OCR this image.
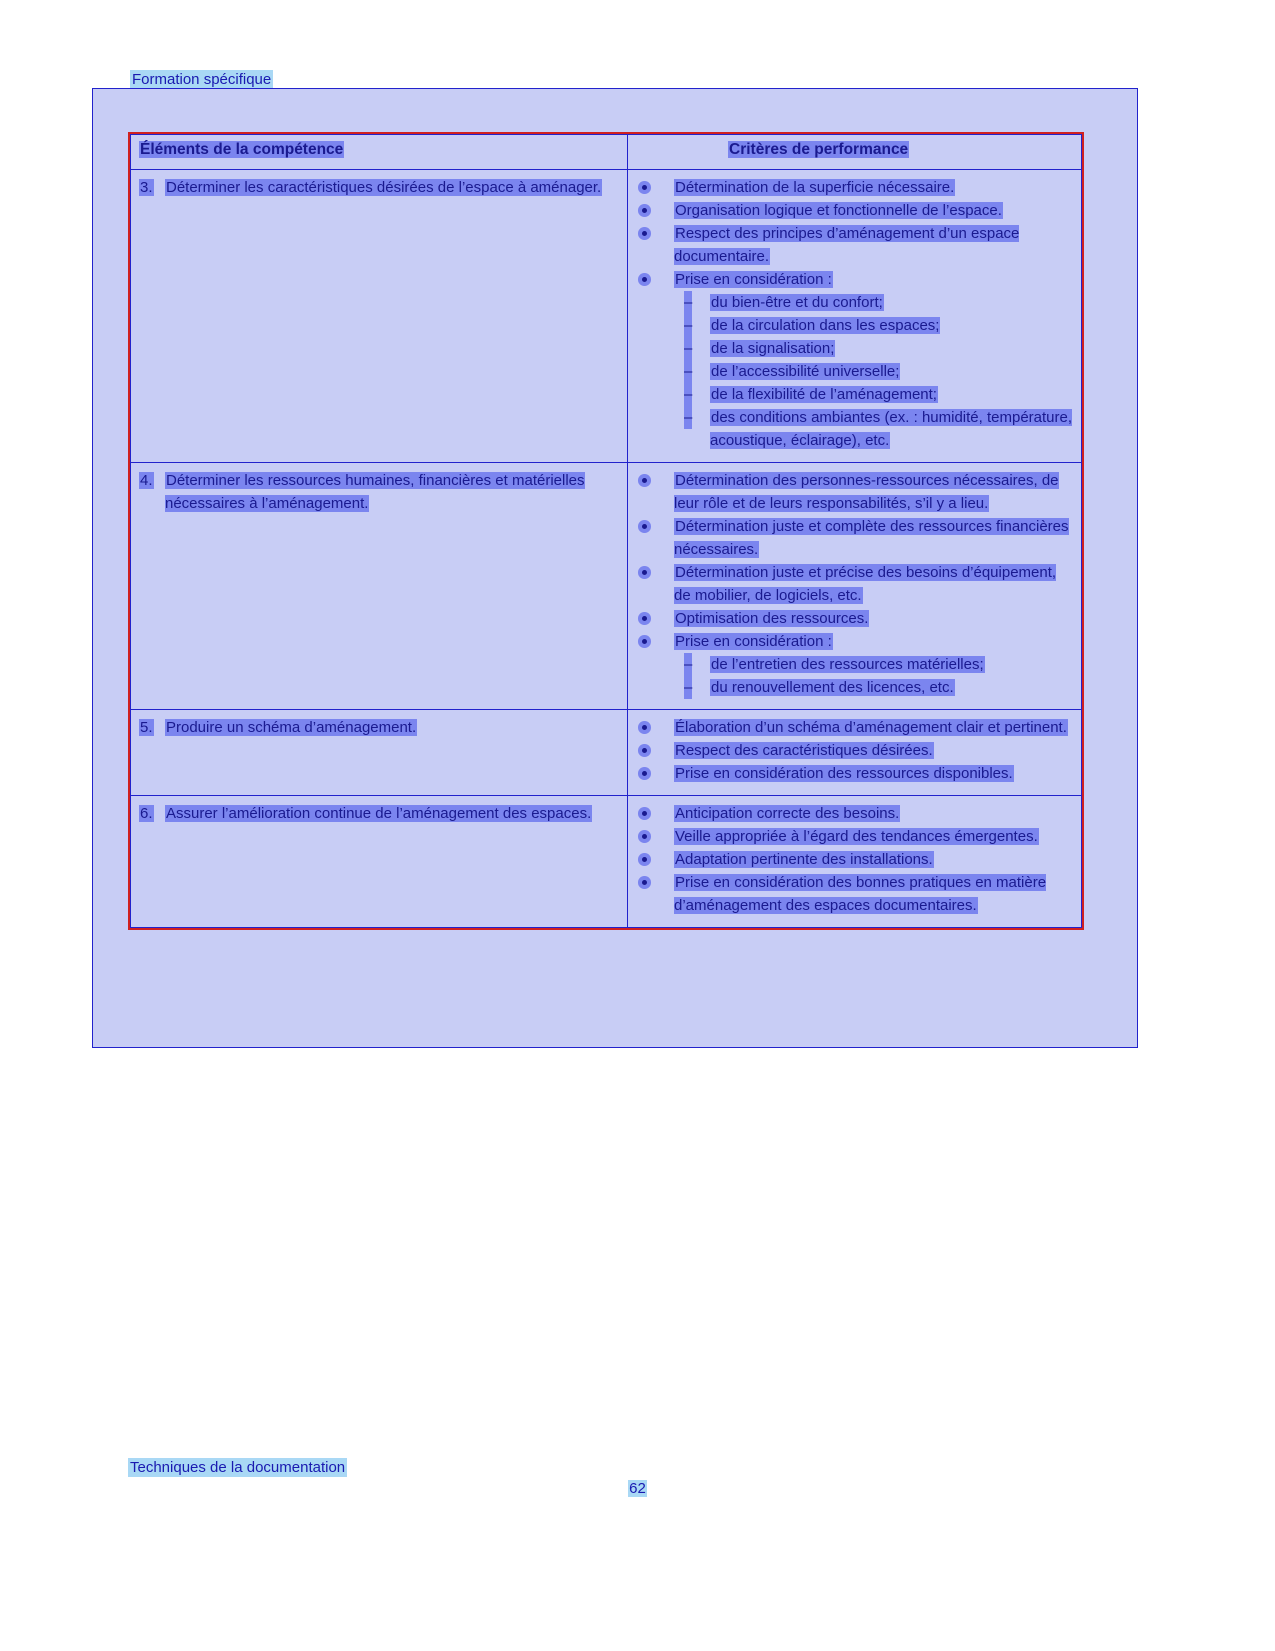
Formation spécifique
Éléments de la compétence	Critères de performance

3. Déterminer les caractéristiques désirées de l’espace à aménager.	Détermination de la superficie nécessaire.
Organisation logique et fonctionnelle de l’espace.
Respect des principes d’aménagement d’un espace documentaire.
Prise en considération :
– du bien-être et du confort;
– de la circulation dans les espaces;
– de la signalisation;
– de l’accessibilité universelle;
– de la flexibilité de l’aménagement;
– des conditions ambiantes (ex. : humidité, température, acoustique, éclairage), etc.

4. Déterminer les ressources humaines, financières et matérielles nécessaires à l’aménagement.

Détermination des personnes-ressources nécessaires, de leur rôle et de leurs responsabilités, s’il y a lieu.
Détermination juste et complète des ressources financières nécessaires.
Détermination juste et précise des besoins d’équipement, de mobilier, de logiciels, etc.
Optimisation des ressources.
Prise en considération :
– de l’entretien des ressources matérielles;
– du renouvellement des licences, etc.

5. Produire un schéma d’aménagement.	Élaboration d’un schéma d’aménagement clair et pertinent.
Respect des caractéristiques désirées.
Prise en considération des ressources disponibles.

6. Assurer l’amélioration continue de l’aménagement des espaces.	Anticipation correcte des besoins.
Veille appropriée à l’égard des tendances émergentes.
Adaptation pertinente des installations.
Prise en considération des bonnes pratiques en matière d’aménagement des espaces documentaires.
Techniques de la documentation
62
